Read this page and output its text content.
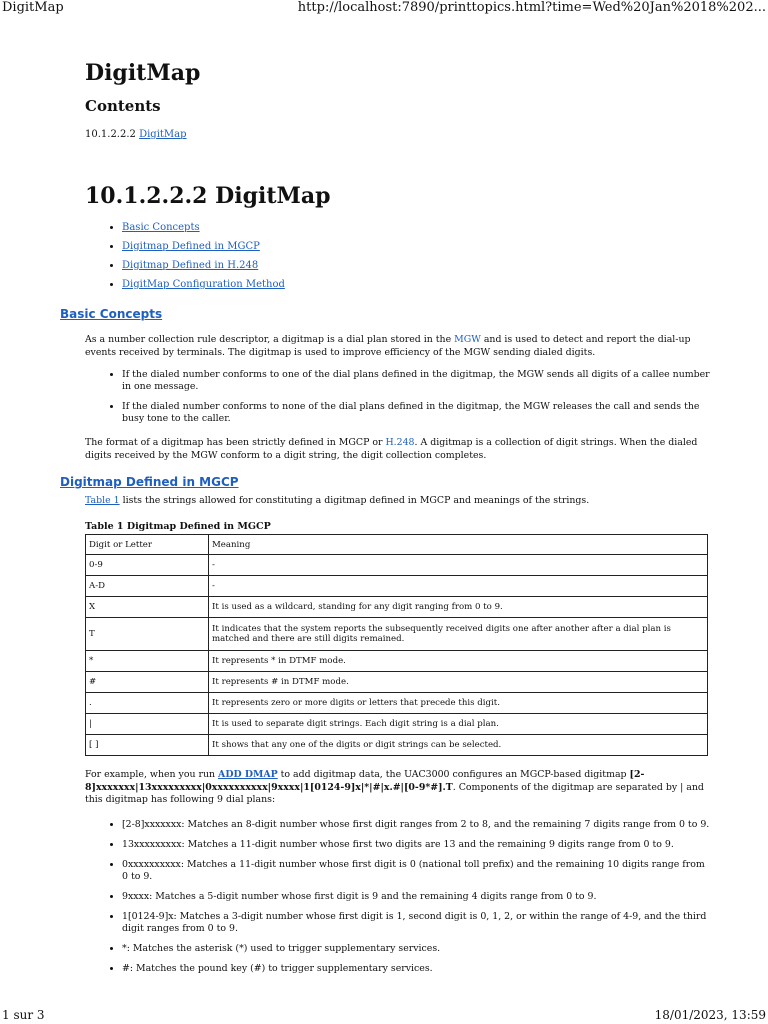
DigitMap	http://localhost:7890/printtopics.html?time=Wed%20Jan%2018%202...
DigitMap
Contents
10.1.2.2.2 DigitMap
10.1.2.2.2 DigitMap
• Basic Concepts
• Digitmap Defined in MGCP
• Digitmap Defined in H.248
• DigitMap Configuration Method
Basic Concepts

As a number collection rule descriptor, a digitmap is a dial plan stored in the MGW and is used to detect and report the dial-up events received by terminals. The digitmap is used to improve efficiency of the MGW sending dialed digits.

• If the dialed number conforms to one of the dial plans defined in the digitmap, the MGW sends all digits of a callee number in one message.
• If the dialed number conforms to none of the dial plans defined in the digitmap, the MGW releases the call and sends the busy tone to the caller.

The format of a digitmap has been strictly defined in MGCP or H.248. A digitmap is a collection of digit strings. When the dialed digits received by the MGW conform to a digit string, the digit collection completes.

Digitmap Defined in MGCP

Table 1 lists the strings allowed for constituting a digitmap defined in MGCP and meanings of the strings.

Table 1 Digitmap Defined in MGCP
Digit or Letter	Meaning
0-9	-
A-D	-
X	It is used as a wildcard, standing for any digit ranging from 0 to 9.
T	It indicates that the system reports the subsequently received digits one after another after a dial plan is matched and there are still digits remained.
*	It represents * in DTMF mode.
#	It represents # in DTMF mode.
.	It represents zero or more digits or letters that precede this digit.
|	It is used to separate digit strings. Each digit string is a dial plan.
[ ]	It shows that any one of the digits or digit strings can be selected.
For example, when you run ADD DMAP to add digitmap data, the UAC3000 configures an MGCP-based digitmap [2-8]xxxxxxx|13xxxxxxxxx|0xxxxxxxxxx|9xxxx|1[0124-9]x|*|#|x.#|[0-9*#].T. Components of the digitmap are separated by | and this digitmap has following 9 dial plans:
• [2-8]xxxxxxx: Matches an 8-digit number whose first digit ranges from 2 to 8, and the remaining 7 digits range from 0 to 9.
• 13xxxxxxxxx: Matches a 11-digit number whose first two digits are 13 and the remaining 9 digits range from 0 to 9.
• 0xxxxxxxxxx: Matches a 11-digit number whose first digit is 0 (national toll prefix) and the remaining 10 digits range from 0 to 9.
• 9xxxx: Matches a 5-digit number whose first digit is 9 and the remaining 4 digits range from 0 to 9.
• 1[0124-9]x: Matches a 3-digit number whose first digit is 1, second digit is 0, 1, 2, or within the range of 4-9, and the third digit ranges from 0 to 9.
• *: Matches the asterisk (*) used to trigger supplementary services.
• #: Matches the pound key (#) to trigger supplementary services.
1 sur 3	18/01/2023, 13:59
